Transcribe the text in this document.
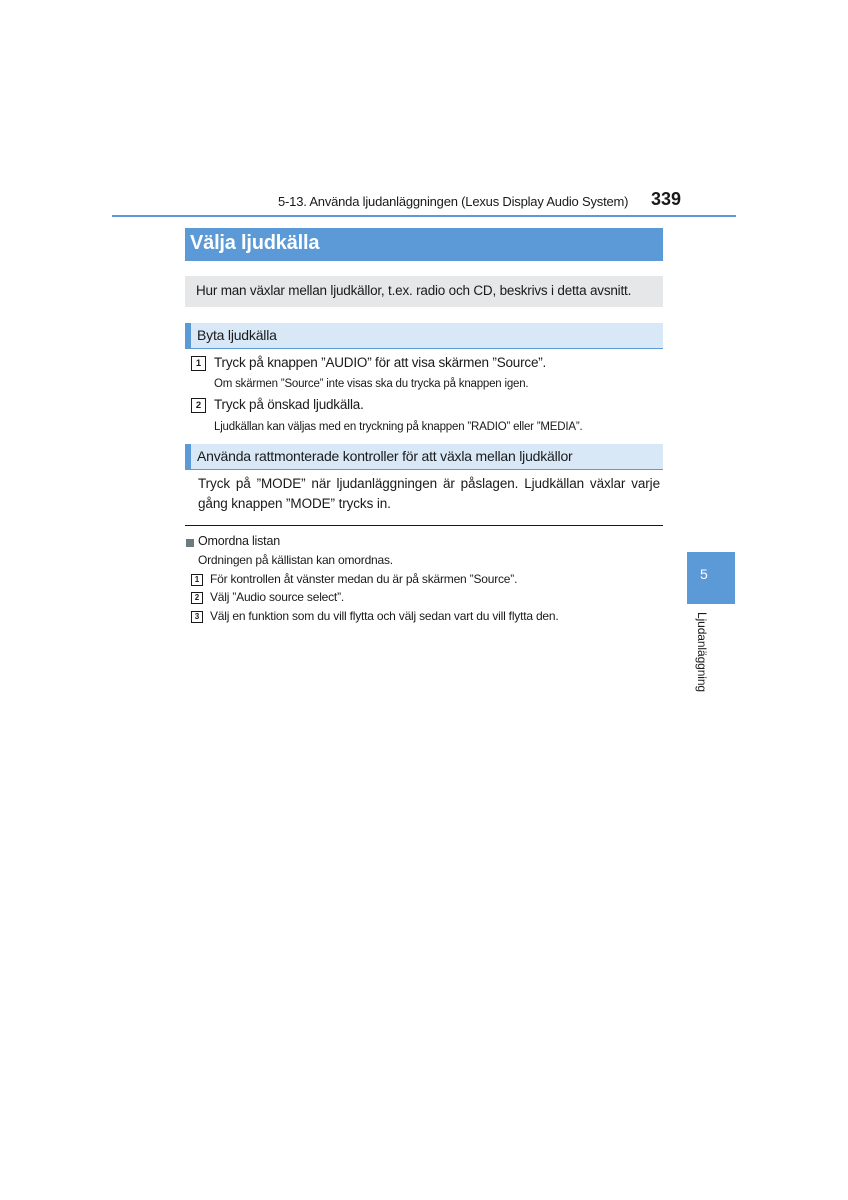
5-13. Använda ljudanläggningen (Lexus Display Audio System) 339
Välja ljudkälla
Hur man växlar mellan ljudkällor, t.ex. radio och CD, beskrivs i detta avsnitt.
Byta ljudkälla
1 Tryck på knappen ”AUDIO” för att visa skärmen ”Source”.
Om skärmen ”Source” inte visas ska du trycka på knappen igen.
2 Tryck på önskad ljudkälla.
Ljudkällan kan väljas med en tryckning på knappen ”RADIO” eller ”MEDIA”.
Använda rattmonterade kontroller för att växla mellan ljudkällor
Tryck på ”MODE” när ljudanläggningen är påslagen. Ljudkällan växlar varje gång knappen ”MODE” trycks in.
Omordna listan
Ordningen på källistan kan omordnas.
1 För kontrollen åt vänster medan du är på skärmen ”Source”.
2 Välj ”Audio source select”.
3 Välj en funktion som du vill flytta och välj sedan vart du vill flytta den.
5
Ljudanläggning
